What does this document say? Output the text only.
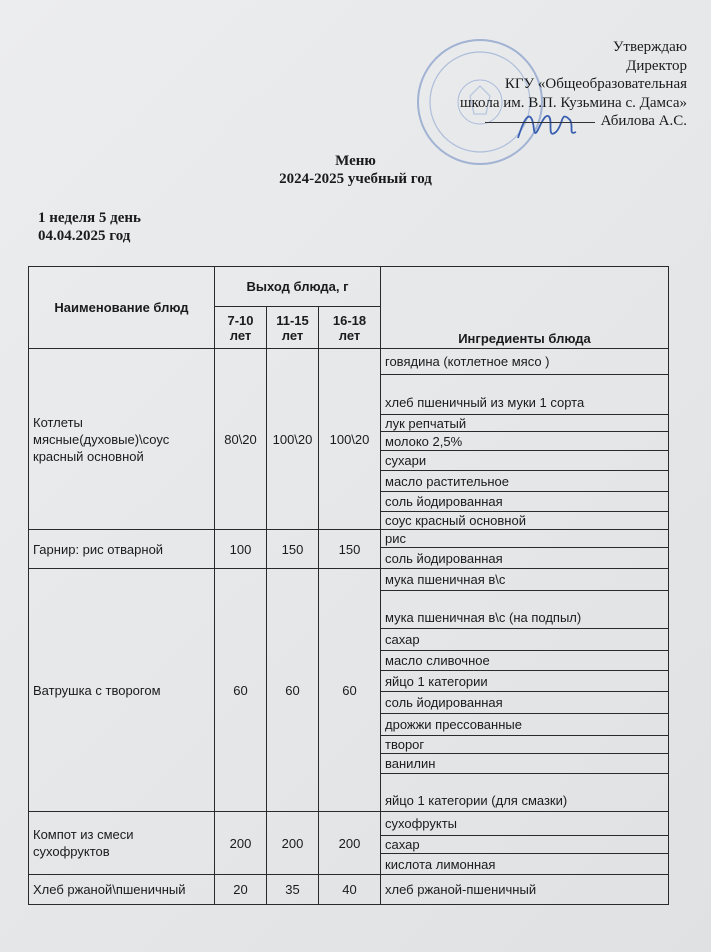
Утверждаю
Директор
КГУ «Общеобразовательная
школа им. В.П. Кузьмина с. Дамса»
Абилова А.С.
Меню
2024-2025 учебный год
1 неделя 5 день
04.04.2025 год
Наименование блюд	Выход блюда, г			Ингредиенты блюда
	7-10 лет	11-15 лет	16-18 лет	
Котлеты мясные(духовые)\соус красный основной	80\20	100\20	100\20	говядина (котлетное мясо )
				хлеб пшеничный из муки 1 сорта
				лук репчатый
				молоко 2,5%
				сухари
				масло растительное
				соль йодированная
				соус красный основной
Гарнир: рис отварной	100	150	150	рис
				соль йодированная
Ватрушка с творогом	60	60	60	мука пшеничная в\с
				мука пшеничная в\с (на подпыл)
				сахар
				масло сливочное
				яйцо 1 категории
				соль йодированная
				дрожжи прессованные
				творог
				ванилин
				яйцо 1 категории (для смазки)
Компот из смеси сухофруктов	200	200	200	сухофрукты
				сахар
				кислота лимонная
Хлеб ржаной\пшеничный	20	35	40	хлеб ржаной-пшеничный
